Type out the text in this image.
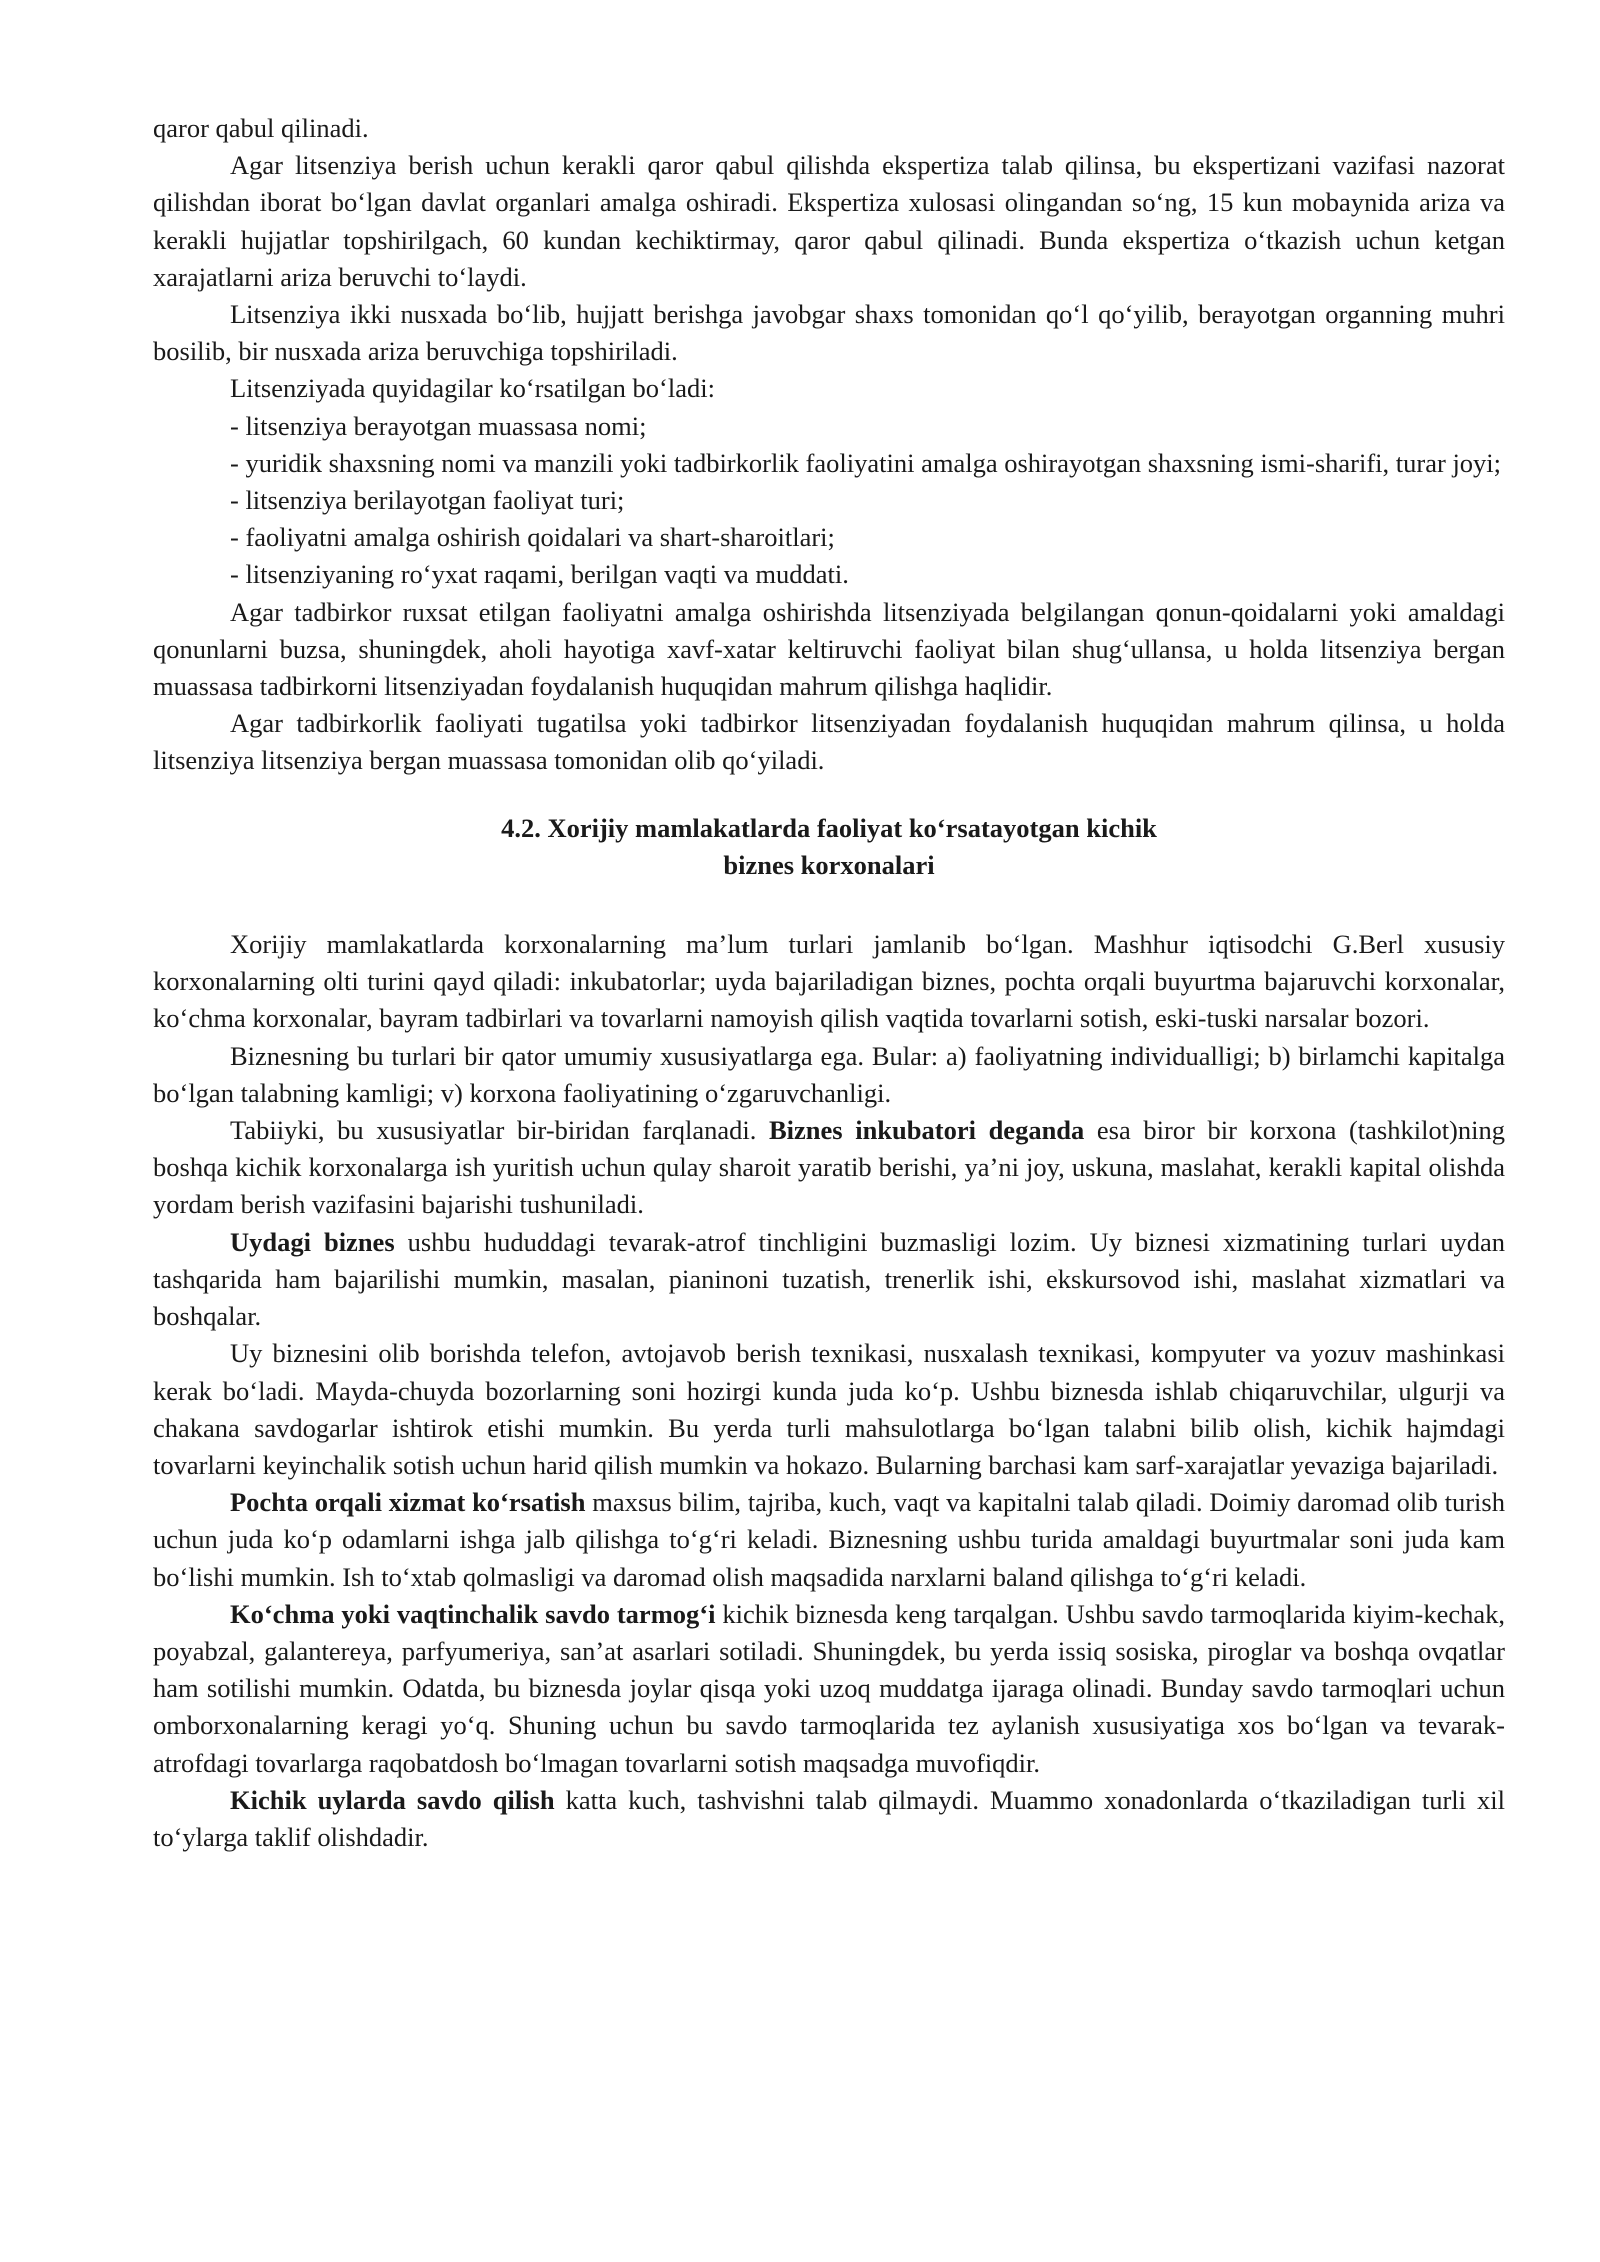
qaror qabul qilinadi.

Agar litsenziya berish uchun kerakli qaror qabul qilishda ekspertiza talab qilinsa, bu ekspertizani vazifasi nazorat qilishdan iborat boʻlgan davlat organlari amalga oshiradi. Ekspertiza xulosasi olingandan soʻng, 15 kun mobaynida ariza va kerakli hujjatlar topshirilgach, 60 kundan kechiktirmay, qaror qabul qilinadi. Bunda ekspertiza oʻtkazish uchun ketgan xarajatlarni ariza beruvchi toʻlaydi.

Litsenziya ikki nusxada boʻlib, hujjatt berishga javobgar shaxs tomonidan qoʻl qoʻyilib, berayotgan organning muhri bosilib, bir nusxada ariza beruvchiga topshiriladi.

Litsenziyada quyidagilar koʻrsatilgan boʻladi:

- litsenziya berayotgan muassasa nomi;

- yuridik shaxsning nomi va manzili yoki tadbirkorlik faoliyatini amalga oshirayotgan shaxsning ismi-sharifi, turar joyi;

- litsenziya berilayotgan faoliyat turi;

- faoliyatni amalga oshirish qoidalari va shart-sharoitlari;

- litsenziyaning roʻyxat raqami, berilgan vaqti va muddati.

Agar tadbirkor ruxsat etilgan faoliyatni amalga oshirishda litsenziyada belgilangan qonun-qoidalarni yoki amaldagi qonunlarni buzsa, shuningdek, aholi hayotiga xavf-xatar keltiruvchi faoliyat bilan shugʻullansa, u holda litsenziya bergan muassasa tadbirkorni litsenziyadan foydalanish huquqidan mahrum qilishga haqlidir.

Agar tadbirkorlik faoliyati tugatilsa yoki tadbirkor litsenziyadan foydalanish huquqidan mahrum qilinsa, u holda litsenziya litsenziya bergan muassasa tomonidan olib qoʻyiladi.

4.2. Xorijiy mamlakatlarda faoliyat koʻrsatayotgan kichik
biznes korxonalari

Xorijiy mamlakatlarda korxonalarning maʼlum turlari jamlanib boʻlgan. Mashhur iqtisodchi G.Berl xususiy korxonalarning olti turini qayd qiladi: inkubatorlar; uyda bajariladigan biznes, pochta orqali buyurtma bajaruvchi korxonalar, koʻchma korxonalar, bayram tadbirlari va tovarlarni namoyish qilish vaqtida tovarlarni sotish, eski-tuski narsalar bozori.

Biznesning bu turlari bir qator umumiy xususiyatlarga ega. Bular: a) faoliyatning individualligi; b) birlamchi kapitalga boʻlgan talabning kamligi; v) korxona faoliyatining oʻzgaruvchanligi.

Tabiiyki, bu xususiyatlar bir-biridan farqlanadi. Biznes inkubatori deganda esa biror bir korxona (tashkilot)ning boshqa kichik korxonalarga ish yuritish uchun qulay sharoit yaratib berishi, yaʼni joy, uskuna, maslahat, kerakli kapital olishda yordam berish vazifasini bajarishi tushuniladi.

Uydagi biznes ushbu hududdagi tevarak-atrof tinchligini buzmasligi lozim. Uy biznesi xizmatining turlari uydan tashqarida ham bajarilishi mumkin, masalan, pianinoni tuzatish, trenerlik ishi, ekskursovod ishi, maslahat xizmatlari va boshqalar.

Uy biznesini olib borishda telefon, avtojavob berish texnikasi, nusxalash texnikasi, kompyuter va yozuv mashinkasi kerak boʻladi. Mayda-chuyda bozorlarning soni hozirgi kunda juda koʻp. Ushbu biznesda ishlab chiqaruvchilar, ulgurji va chakana savdogarlar ishtirok etishi mumkin. Bu yerda turli mahsulotlarga boʻlgan talabni bilib olish, kichik hajmdagi tovarlarni keyinchalik sotish uchun harid qilish mumkin va hokazo. Bularning barchasi kam sarf-xarajatlar yevaziga bajariladi.

Pochta orqali xizmat koʻrsatish maxsus bilim, tajriba, kuch, vaqt va kapitalni talab qiladi. Doimiy daromad olib turish uchun juda koʻp odamlarni ishga jalb qilishga toʻgʻri keladi. Biznesning ushbu turida amaldagi buyurtmalar soni juda kam boʻlishi mumkin. Ish toʻxtab qolmasligi va daromad olish maqsadida narxlarni baland qilishga toʻgʻri keladi.

Koʻchma yoki vaqtinchalik savdo tarmogʻi kichik biznesda keng tarqalgan. Ushbu savdo tarmoqlarida kiyim-kechak, poyabzal, galantereya, parfyumeriya, sanʼat asarlari sotiladi. Shuningdek, bu yerda issiq sosiska, piroglar va boshqa ovqatlar ham sotilishi mumkin. Odatda, bu biznesda joylar qisqa yoki uzoq muddatga ijaraga olinadi. Bunday savdo tarmoqlari uchun omborxonalarning keragi yoʻq. Shuning uchun bu savdo tarmoqlarida tez aylanish xususiyatiga xos boʻlgan va tevarak-atrofdagi tovarlarga raqobatdosh boʻlmagan tovarlarni sotish maqsadga muvofiqdir.

Kichik uylarda savdo qilish katta kuch, tashvishni talab qilmaydi. Muammo xonadonlarda oʻtkaziladigan turli xil toʻylarga taklif olishdadir.
